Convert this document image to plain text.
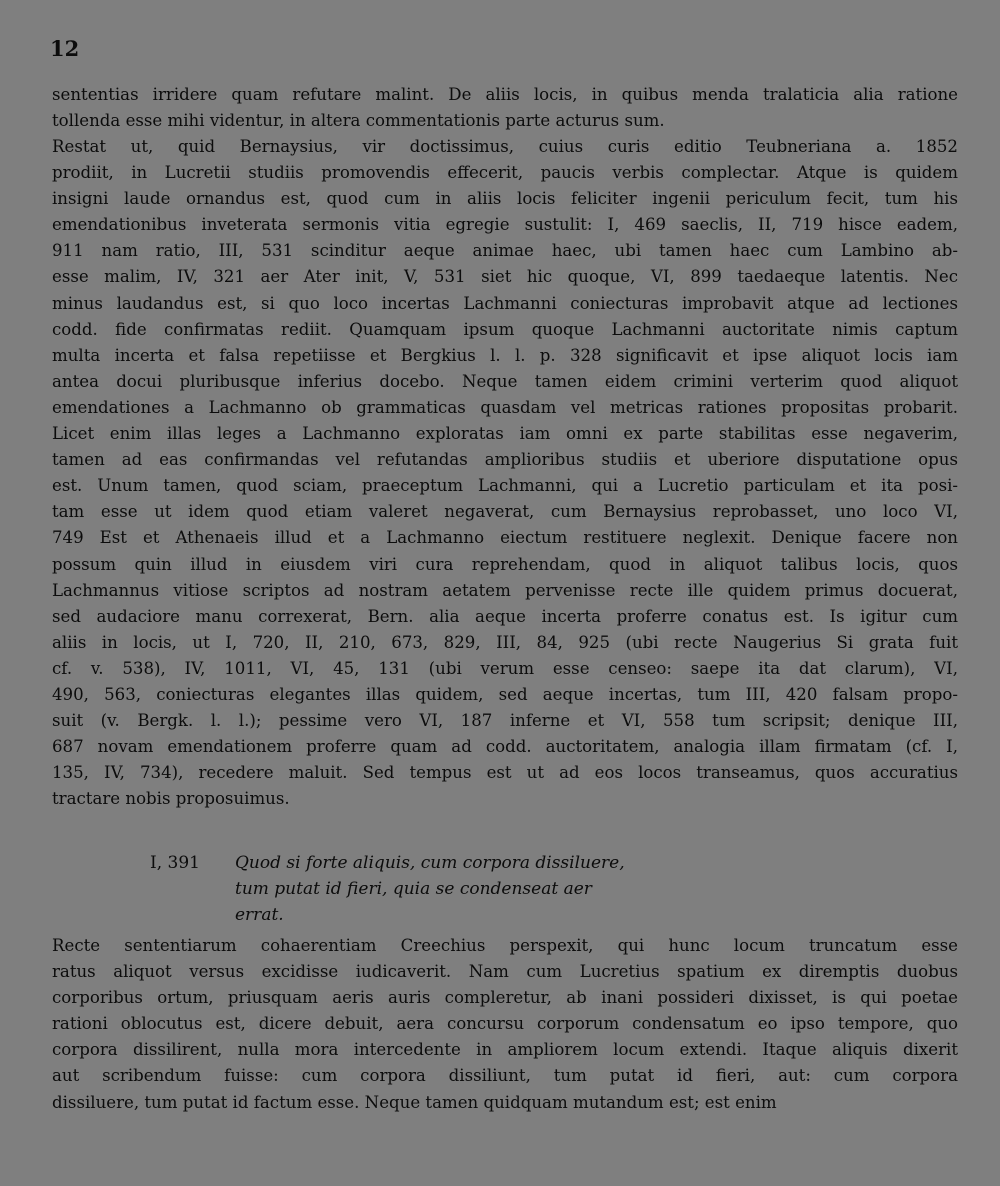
12
sententias irridere quam refutare malint. De aliis locis, in quibus menda tralaticia alia ratione
tollenda esse mihi videntur, in altera commentationis parte acturus sum.
Restat ut, quid Bernaysius, vir doctissimus, cuius curis editio Teubneriana a. 1852
prodiit, in Lucretii studiis promovendis effecerit, paucis verbis complectar. Atque is quidem
insigni laude ornandus est, quod cum in aliis locis feliciter ingenii periculum fecit, tum his
emendationibus inveterata sermonis vitia egregie sustulit: I, 469 saeclis, II, 719 hisce eadem,
911 nam ratio, III, 531 scinditur aeque animae haec, ubi tamen haec cum Lambino ab-
esse malim, IV, 321 aer Ater init, V, 531 siet hic quoque, VI, 899 taedaeque latentis. Nec
minus laudandus est, si quo loco incertas Lachmanni coniecturas improbavit atque ad lectiones
codd. fide confirmatas rediit. Quamquam ipsum quoque Lachmanni auctoritate nimis captum
multa incerta et falsa repetiisse et Bergkius l. l. p. 328 significavit et ipse aliquot locis iam
antea docui pluribusque inferius docebo. Neque tamen eidem crimini verterim quod aliquot
emendationes a Lachmanno ob grammaticas quasdam vel metricas rationes propositas probarit.
Licet enim illas leges a Lachmanno exploratas iam omni ex parte stabilitas esse negaverim,
tamen ad eas confirmandas vel refutandas amplioribus studiis et uberiore disputatione opus
est. Unum tamen, quod sciam, praeceptum Lachmanni, qui a Lucretio particulam et ita posi-
tam esse ut idem quod etiam valeret negaverat, cum Bernaysius reprobasset, uno loco VI,
749 Est et Athenaeis illud et a Lachmanno eiectum restituere neglexit. Denique facere non
possum quin illud in eiusdem viri cura reprehendam, quod in aliquot talibus locis, quos
Lachmannus vitiose scriptos ad nostram aetatem pervenisse recte ille quidem primus docuerat,
sed audaciore manu correxerat, Bern. alia aeque incerta proferre conatus est. Is igitur cum
aliis in locis, ut I, 720, II, 210, 673, 829, III, 84, 925 (ubi recte Naugerius Si grata fuit
cf. v. 538), IV, 1011, VI, 45, 131 (ubi verum esse censeo: saepe ita dat clarum), VI,
490, 563, coniecturas elegantes illas quidem, sed aeque incertas, tum III, 420 falsam propo-
suit (v. Bergk. l. l.); pessime vero VI, 187 inferne et VI, 558 tum scripsit; denique III,
687 novam emendationem proferre quam ad codd. auctoritatem, analogia illam firmatam (cf. I,
135, IV, 734), recedere maluit. Sed tempus est ut ad eos locos transeamus, quos accuratius
tractare nobis proposuimus.
I, 391 Quod si forte aliquis, cum corpora dissiluere,
tum putat id fieri, quia se condenseat aer
errat.
Recte sententiarum cohaerentiam Creechius perspexit, qui hunc locum truncatum esse
ratus aliquot versus excidisse iudicaverit. Nam cum Lucretius spatium ex diremptis duobus
corporibus ortum, priusquam aeris auris compleretur, ab inani possideri dixisset, is qui poetae
rationi oblocutus est, dicere debuit, aera concursu corporum condensatum eo ipso tempore, quo
corpora dissilirent, nulla mora intercedente in ampliorem locum extendi. Itaque aliquis dixerit
aut scribendum fuisse: cum corpora dissiliunt, tum putat id fieri, aut: cum corpora
dissiluere, tum putat id factum esse. Neque tamen quidquam mutandum est; est enim
